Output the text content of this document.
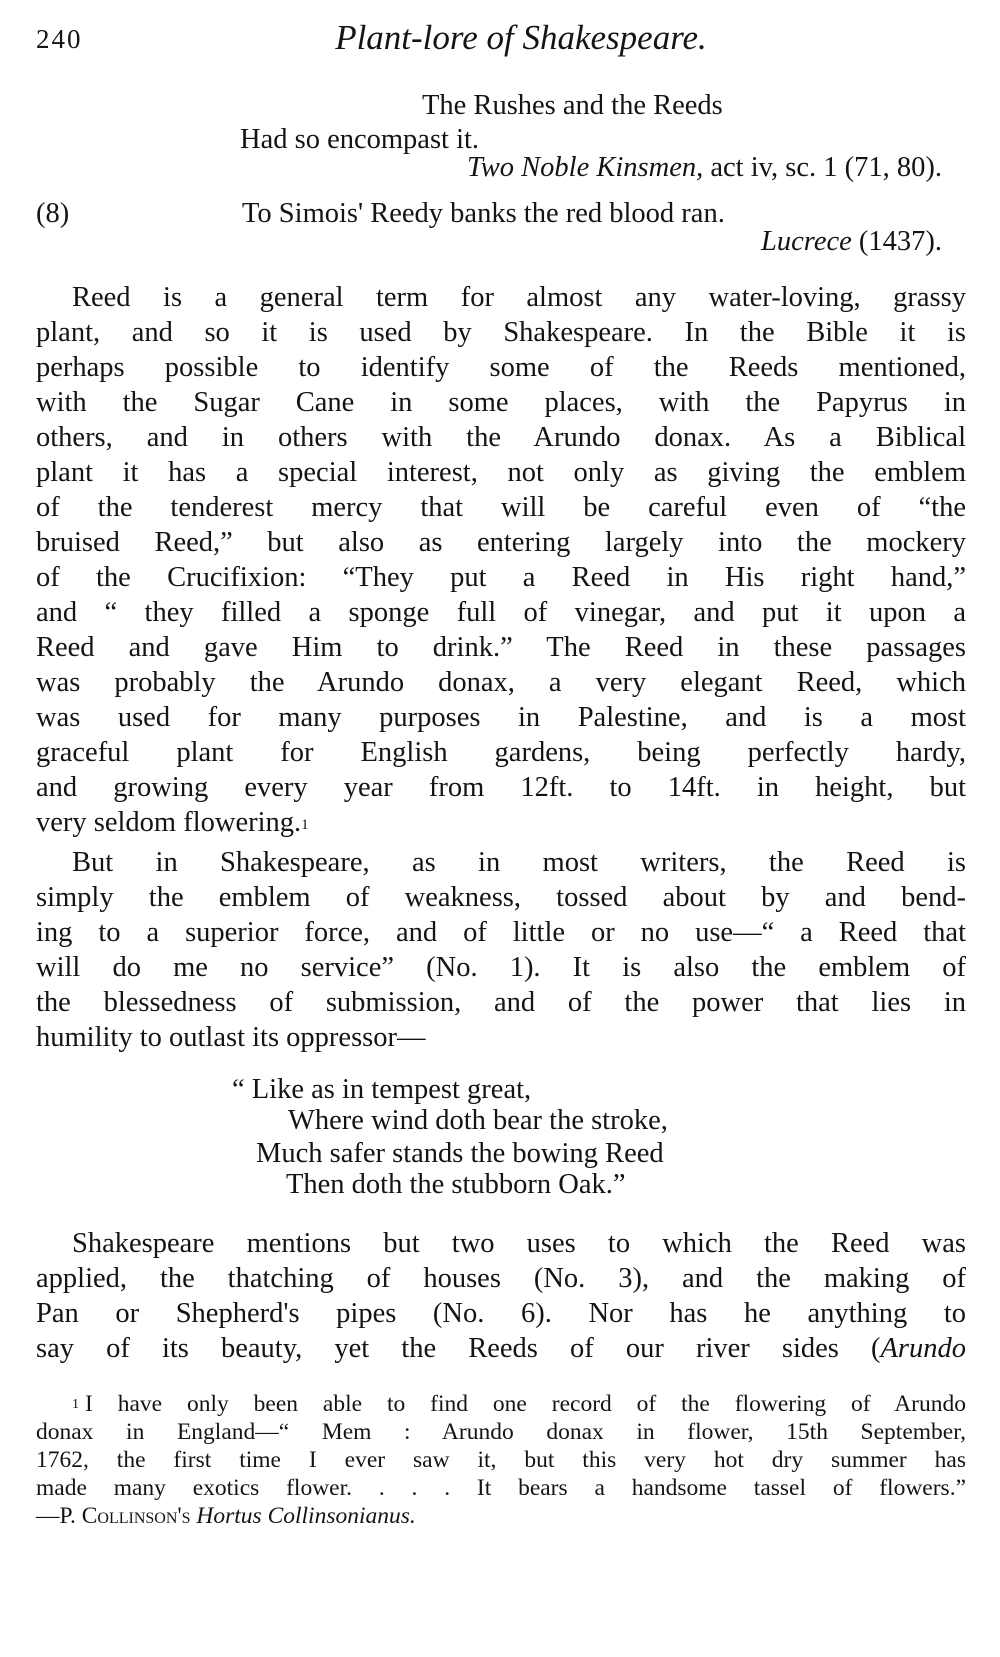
240	Plant-lore of Shakespeare.
The Rushes and the Reeds
Had so encompast it.
Two Noble Kinsmen, act iv, sc. 1 (71, 80).
(8)	To Simois' Reedy banks the red blood ran.
Lucrece (1437).
Reed is a general term for almost any water-loving, grassy
plant, and so it is used by Shakespeare. In the Bible it is
perhaps possible to identify some of the Reeds mentioned,
with the Sugar Cane in some places, with the Papyrus in
others, and in others with the Arundo donax. As a Biblical
plant it has a special interest, not only as giving the emblem
of the tenderest mercy that will be careful even of “the
bruised Reed,” but also as entering largely into the mockery
of the Crucifixion: “They put a Reed in His right hand,”
and “ they filled a sponge full of vinegar, and put it upon a
Reed and gave Him to drink.” The Reed in these passages
was probably the Arundo donax, a very elegant Reed, which
was used for many purposes in Palestine, and is a most
graceful plant for English gardens, being perfectly hardy,
and growing every year from 12ft. to 14ft. in height, but
very seldom flowering.$^1$
But in Shakespeare, as in most writers, the Reed is
simply the emblem of weakness, tossed about by and bend-
ing to a superior force, and of little or no use—“ a Reed that
will do me no service” (No. 1). It is also the emblem of
the blessedness of submission, and of the power that lies in
humility to outlast its oppressor—
“ Like as in tempest great,
Where wind doth bear the stroke,
Much safer stands the bowing Reed
Then doth the stubborn Oak.”
Shakespeare mentions but two uses to which the Reed was
applied, the thatching of houses (No. 3), and the making of
Pan or Shepherd's pipes (No. 6). Nor has he anything to
say of its beauty, yet the Reeds of our river sides (Arundo
$^1$ I have only been able to find one record of the flowering of Arundo
donax in England—“ Mem : Arundo donax in flower, 15th September,
1762, the first time I ever saw it, but this very hot dry summer has
made many exotics flower. . . . It bears a handsome tassel of flowers.”
—P. Collinson's Hortus Collinsonianus.
